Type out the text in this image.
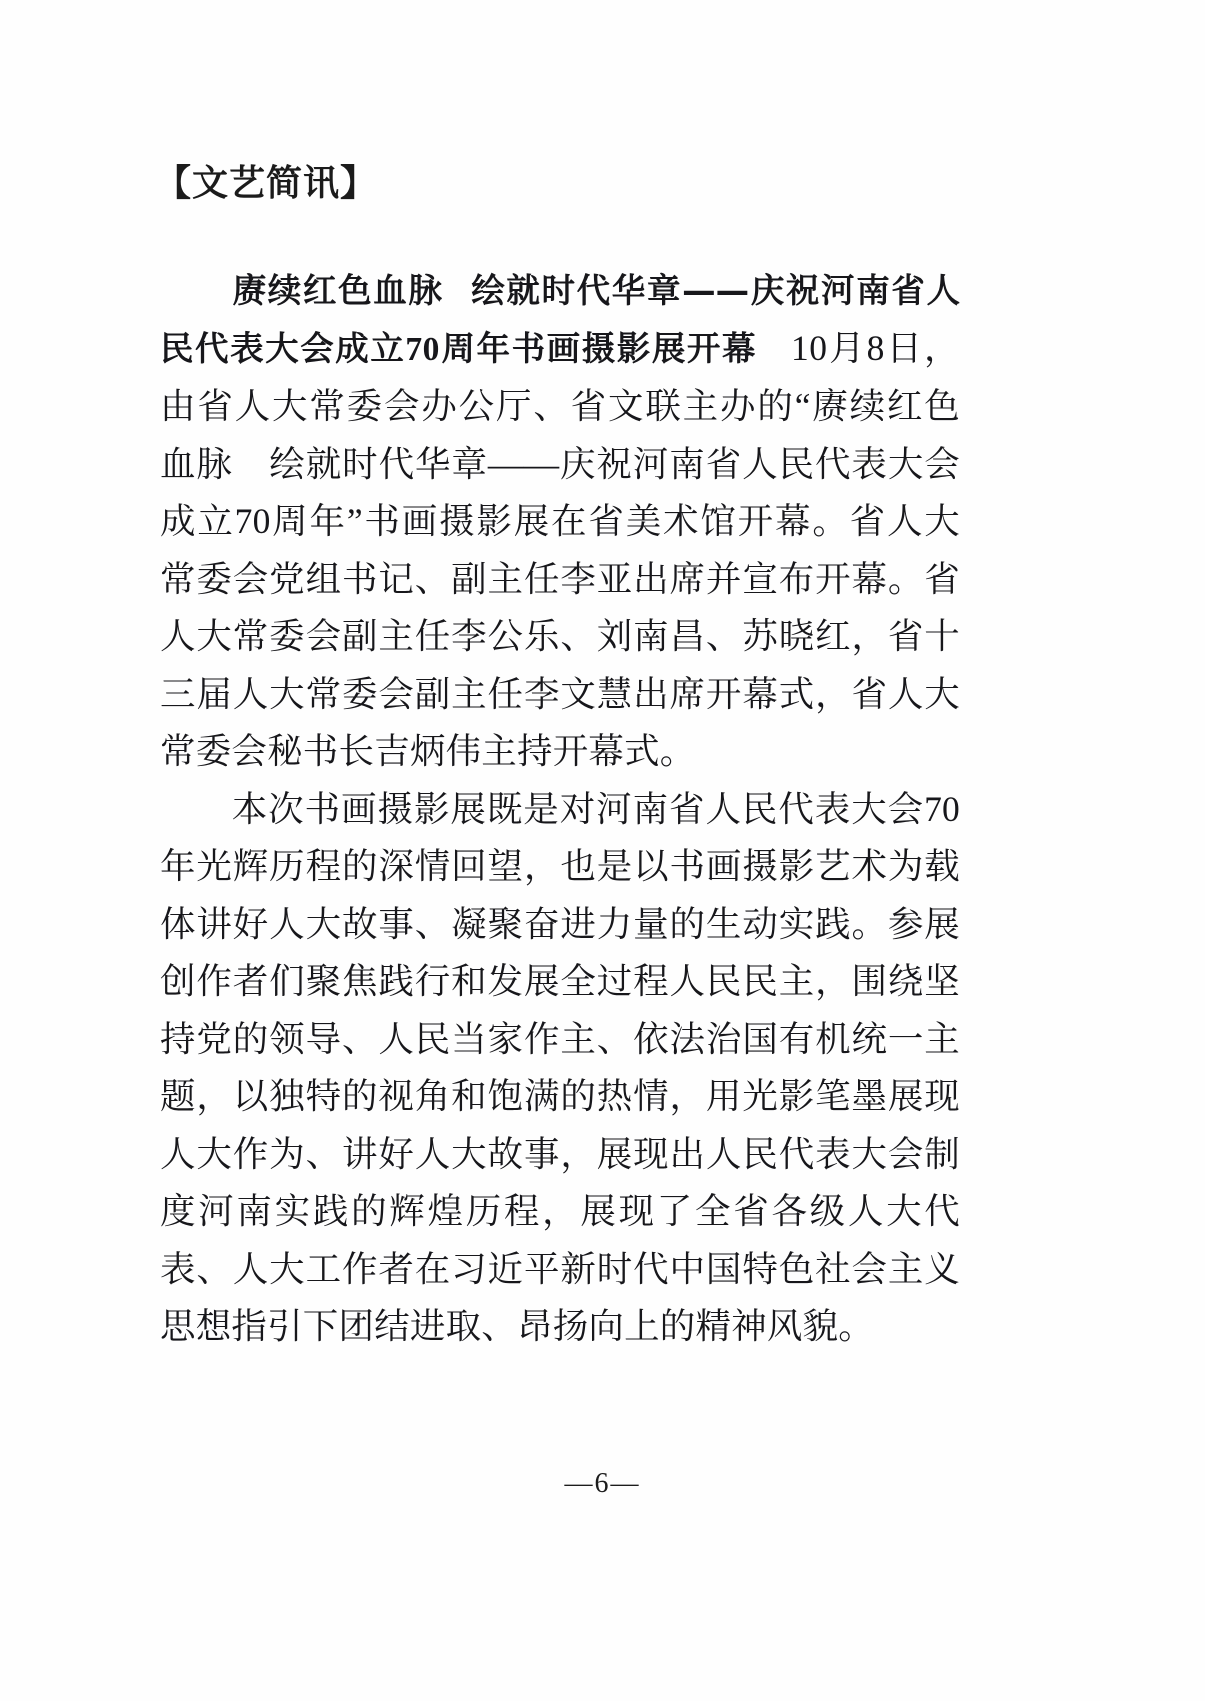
【文艺简讯】

赓续红色血脉 绘就时代华章——庆祝河南省人民代表大会成立70周年书画摄影展开幕 10月8日，由省人大常委会办公厅、省文联主办的“赓续红色血脉　绘就时代华章——庆祝河南省人民代表大会成立70周年”书画摄影展在省美术馆开幕。省人大常委会党组书记、副主任李亚出席并宣布开幕。省人大常委会副主任李公乐、刘南昌、苏晓红，省十三届人大常委会副主任李文慧出席开幕式，省人大常委会秘书长吉炳伟主持开幕式。

本次书画摄影展既是对河南省人民代表大会70年光辉历程的深情回望，也是以书画摄影艺术为载体讲好人大故事、凝聚奋进力量的生动实践。参展创作者们聚焦践行和发展全过程人民民主，围绕坚持党的领导、人民当家作主、依法治国有机统一主题，以独特的视角和饱满的热情，用光影笔墨展现人大作为、讲好人大故事，展现出人民代表大会制度河南实践的辉煌历程，展现了全省各级人大代表、人大工作者在习近平新时代中国特色社会主义思想指引下团结进取、昂扬向上的精神风貌。

—6—
